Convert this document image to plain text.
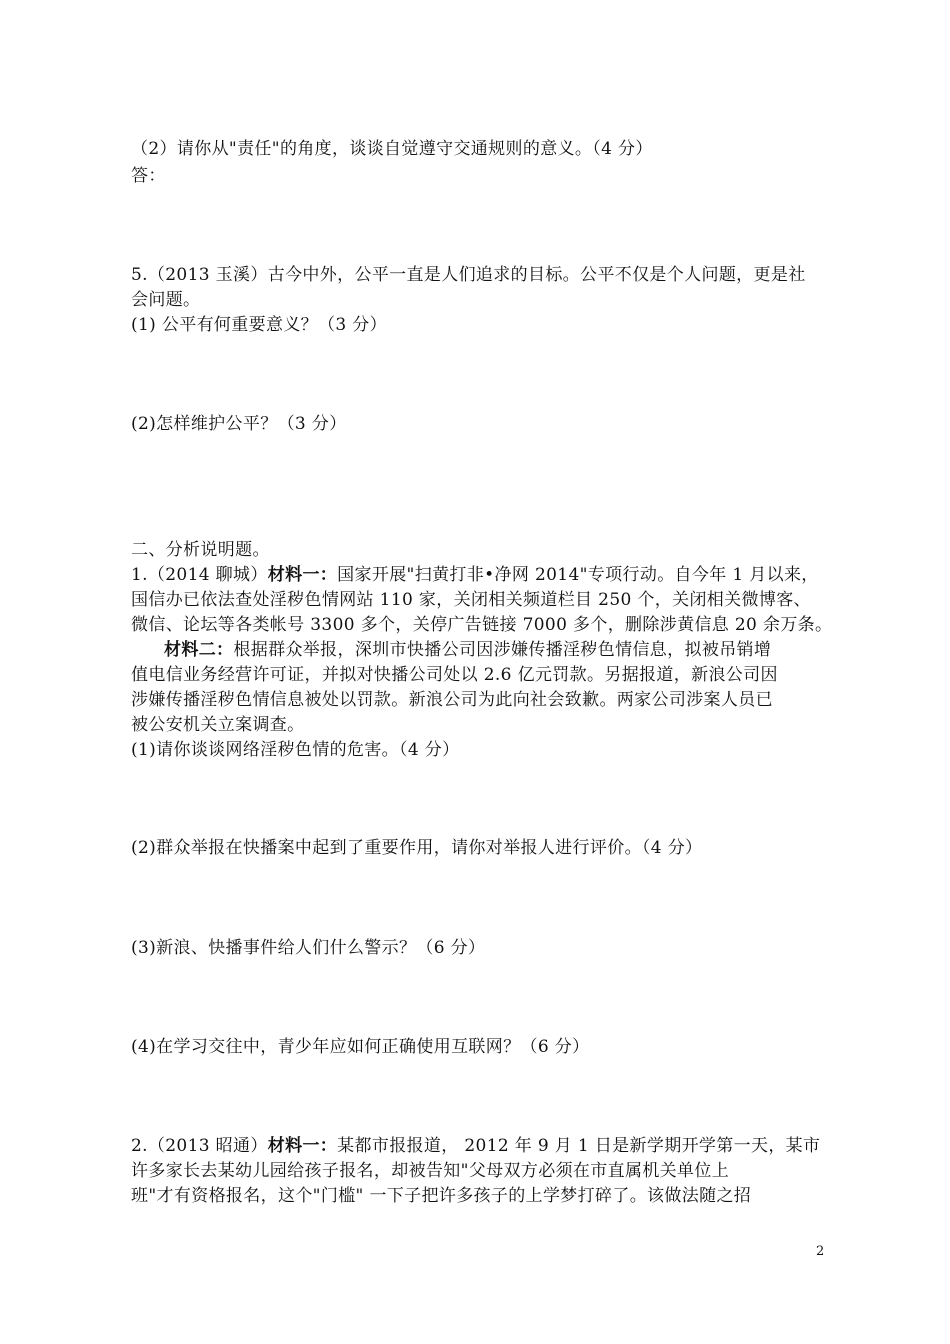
（2）请你从"责任"的角度，谈谈自觉遵守交通规则的意义。（4 分）
答：
5.（2013 玉溪）古今中外，公平一直是人们追求的目标。公平不仅是个人问题，更是社
会问题。
(1) 公平有何重要意义？（3 分）
(2)怎样维护公平？（3 分）
二、分析说明题。
1.（2014 聊城）材料一：国家开展"扫黄打非•净网 2014"专项行动。自今年 1 月以来，
国信办已依法查处淫秽色情网站 110 家，关闭相关频道栏目 250 个，关闭相关微博客、
微信、论坛等各类帐号 3300 多个，关停广告链接 7000 多个，删除涉黄信息 20 余万条。
材料二：根据群众举报，深圳市快播公司因涉嫌传播淫秽色情信息，拟被吊销增
值电信业务经营许可证，并拟对快播公司处以 2.6 亿元罚款。另据报道，新浪公司因
涉嫌传播淫秽色情信息被处以罚款。新浪公司为此向社会致歉。两家公司涉案人员已
被公安机关立案调查。
(1)请你谈谈网络淫秽色情的危害。（4 分）
(2)群众举报在快播案中起到了重要作用，请你对举报人进行评价。（4 分）
(3)新浪、快播事件给人们什么警示？（6 分）
(4)在学习交往中，青少年应如何正确使用互联网？（6 分）
2.（2013 昭通）材料一：某都市报报道， 2012 年 9 月 1 日是新学期开学第一天，某市
许多家长去某幼儿园给孩子报名，却被告知"父母双方必须在市直属机关单位上
班"才有资格报名，这个"门槛" 一下子把许多孩子的上学梦打碎了。该做法随之招
2
